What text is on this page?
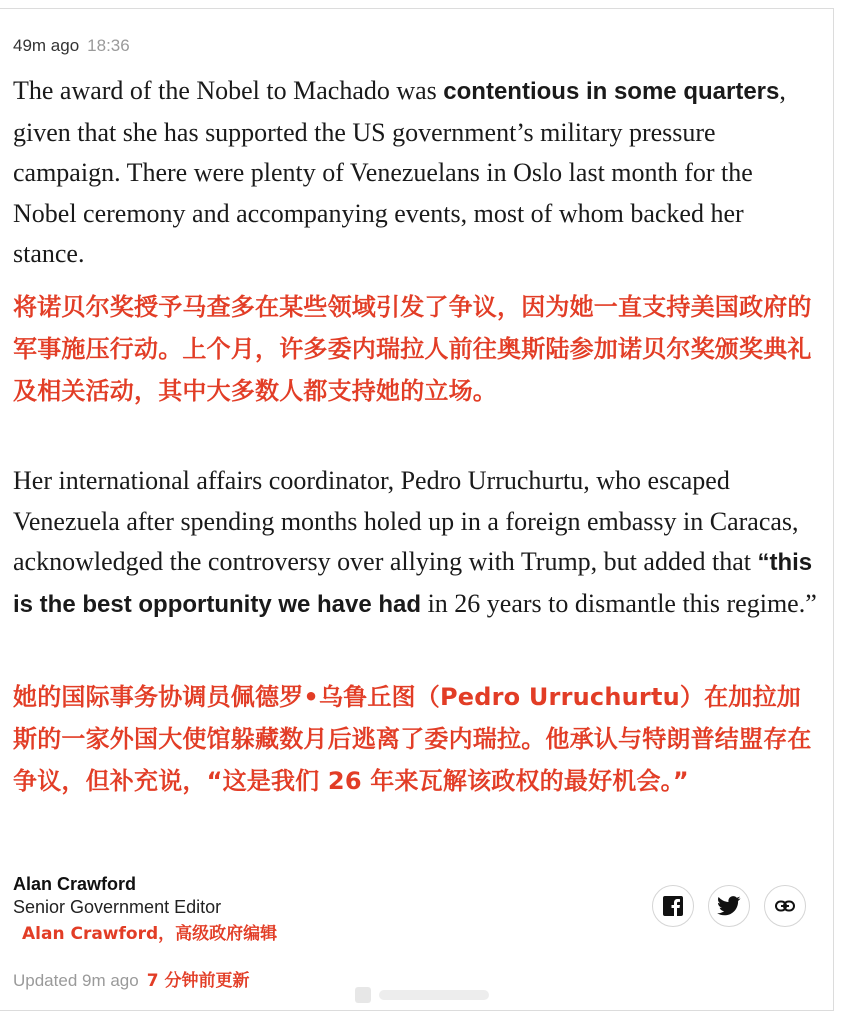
49m ago 18:36

The award of the Nobel to Machado was contentious in some quarters, given that she has supported the US government’s military pressure campaign. There were plenty of Venezuelans in Oslo last month for the Nobel ceremony and accompanying events, most of whom backed her stance.

将诺贝尔奖授予马查多在某些领域引发了争议，因为她一直支持美国政府的军事施压行动。上个月，许多委内瑞拉人前往奥斯陆参加诺贝尔奖颁奖典礼及相关活动，其中大多数人都支持她的立场。

Her international affairs coordinator, Pedro Urruchurtu, who escaped Venezuela after spending months holed up in a foreign embassy in Caracas, acknowledged the controversy over allying with Trump, but added that “this is the best opportunity we have had in 26 years to dismantle this regime.”

她的国际事务协调员佩德罗•乌鲁丘图（Pedro Urruchurtu）在加拉加斯的一家外国大使馆躲藏数月后逃离了委内瑞拉。他承认与特朗普结盟存在争议，但补充说，“这是我们 26 年来瓦解该政权的最好机会。”

Alan Crawford
Senior Government Editor
Alan Crawford，高级政府编辑
Updated 9m ago 7 分钟前更新
